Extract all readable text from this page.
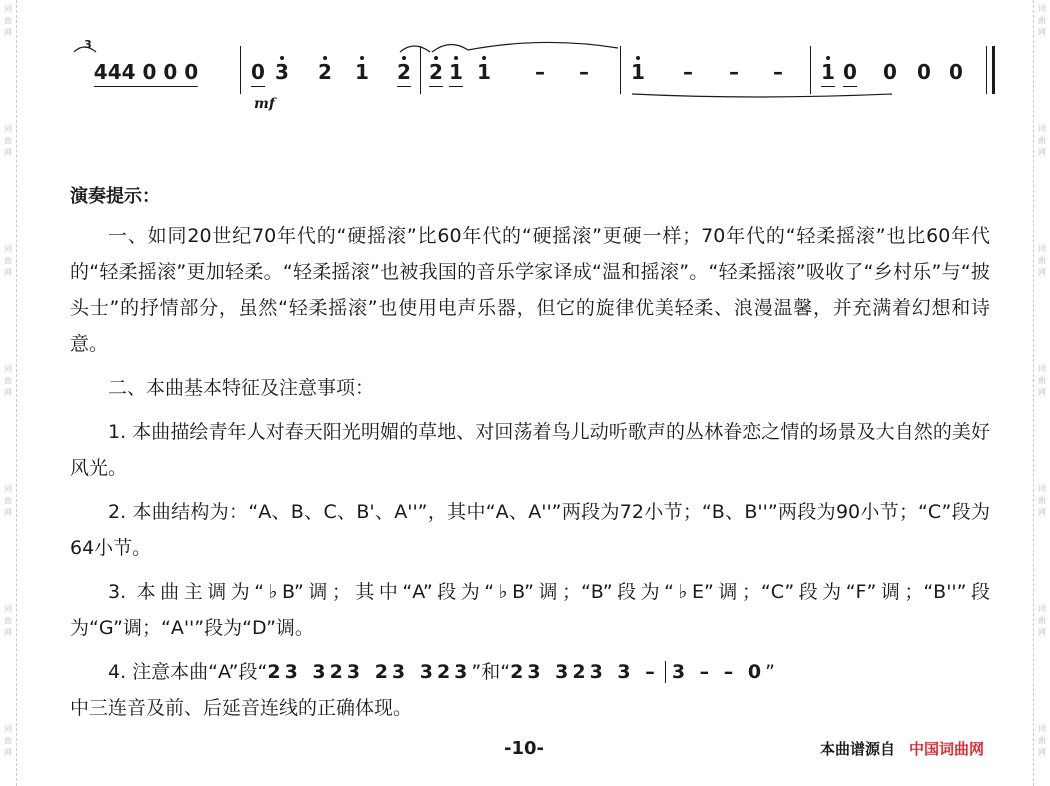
词
曲
网
词
曲
网
词
曲
网
词
曲
网
词
曲
网
词
曲
网
词
曲
网
词
曲
网
词
曲
网
词
曲
网
词
曲
网
词
曲
网
词
曲
网
词
曲
网
3
444 0 0 0	0 3 2 1 2
mf
2 1 1 – – 1 – – – 1 0 0 0 0
演奏提示：

一、如同20世纪70年代的“硬摇滚”比60年代的“硬摇滚”更硬一样；70年代的“轻柔摇滚”也比60年代的“轻柔摇滚”更加轻柔。“轻柔摇滚”也被我国的音乐学家译成“温和摇滚”。“轻柔摇滚”吸收了“乡村乐”与“披头士”的抒情部分，虽然“轻柔摇滚”也使用电声乐器，但它的旋律优美轻柔、浪漫温馨，并充满着幻想和诗意。

二、本曲基本特征及注意事项：

1. 本曲描绘青年人对春天阳光明媚的草地、对回荡着鸟儿动听歌声的丛林眷恋之情的场景及大自然的美好风光。

2. 本曲结构为：“A、B、C、B'、A''”，其中“A、A''”两段为72小节；“B、B''”两段为90小节；“C”段为64小节。

3. 本曲主调为“♭B”调；其中“A”段为“♭B”调；“B”段为“♭E”调；“C”段为“F”调；“B''”段为“G”调；“A''”段为“D”调。

4. 注意本曲“A”段“23 323 23 323”和“23 323 3 – 3 – – 0”

中三连音及前、后延音连线的正确体现。

-10-	本曲谱源自 中国词曲网
